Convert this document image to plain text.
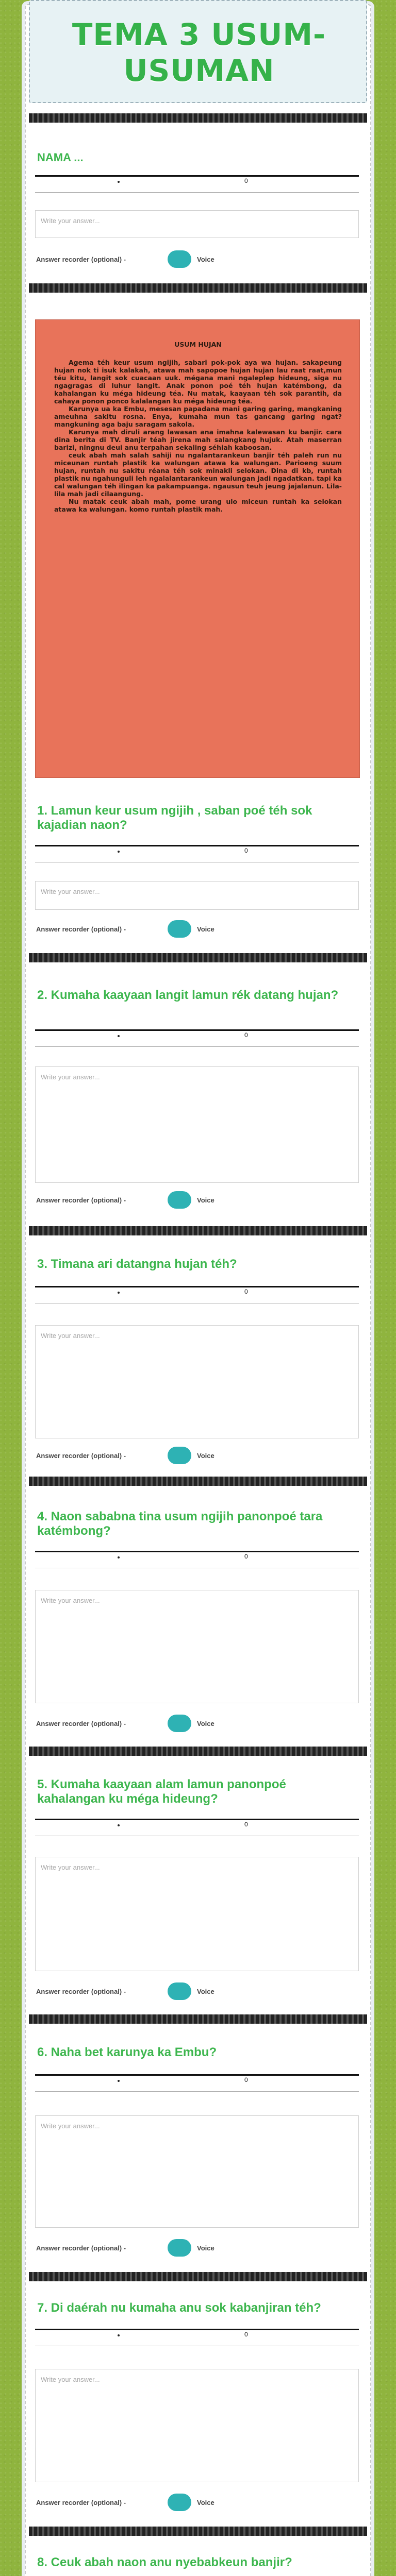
TEMA 3 USUM-USUMAN
NAMA ...
0
Write your answer...
Answer recorder (optional) -	Voice
USUM HUJAN

Agema téh keur usum ngijih, sabari pok-pok aya wa hujan. sakapeung hujan nok ti isuk kalakah, atawa mah sapopoe hujan hujan lau raat raat,mun téu kitu, langit sok cuacaan uuk. mégana mani ngaleplep hideung, siga nu ngagragas di luhur langit. Anak ponon poé téh hujan katémbong, da kahalangan ku méga hideung téa. Nu matak, kaayaan téh sok parantih, da cahaya ponon ponco kalalangan ku méga hideung téa.

Karunya ua ka Embu, mesesan papadana mani garing garing, mangkaning ameuhna sakitu rosna. Enya, kumaha mun tas gancang garing ngat? mangkuning aga baju saragam sakola.

Karunya mah diruli arang lawasan ana imahna kalewasan ku banjir. cara dina berita di TV. Banjir téah jirena mah salangkang hujuk. Atah maserran barizi, ningnu deui anu terpahan sekaling séhiah kaboosan.

ceuk abah mah salah sahiji nu ngalantarankeun banjir téh paleh run nu miceunan runtah plastik ka walungan atawa ka walungan. Parioeng suum hujan, runtah nu sakitu réana téh sok minakli selokan. Dina di kb, runtah plastik nu ngahunguli leh ngalalantarankeun walungan jadi ngadatkan. tapi ka cal walungan téh ilingan ka pakampuanga. ngausun teuh jeung jajalanun. Lila-lila mah jadi cilaangung.

Nu matak ceuk abah mah, pome urang ulo miceun runtah ka selokan atawa ka walungan. komo runtah plastik mah.

1. Lamun keur usum ngijih , saban poé téh sok kajadian naon?
0
Write your answer...
Answer recorder (optional) -	Voice
2. Kumaha kaayaan langit lamun rék datang hujan?
0
Write your answer...
Answer recorder (optional) -	Voice
3. Timana ari datangna hujan téh?
0
Write your answer...
Answer recorder (optional) -	Voice
4. Naon sababna tina usum ngijih panonpoé tara katémbong?
0
Write your answer...
Answer recorder (optional) -	Voice
5. Kumaha kaayaan alam lamun panonpoé kahalangan ku méga hideung?
0
Write your answer...
Answer recorder (optional) -	Voice
6. Naha bet karunya ka Embu?
0
Write your answer...
Answer recorder (optional) -	Voice
7. Di daérah nu kumaha anu sok kabanjiran téh?
0
Write your answer...
Answer recorder (optional) -	Voice
8. Ceuk abah naon anu nyebabkeun banjir?
